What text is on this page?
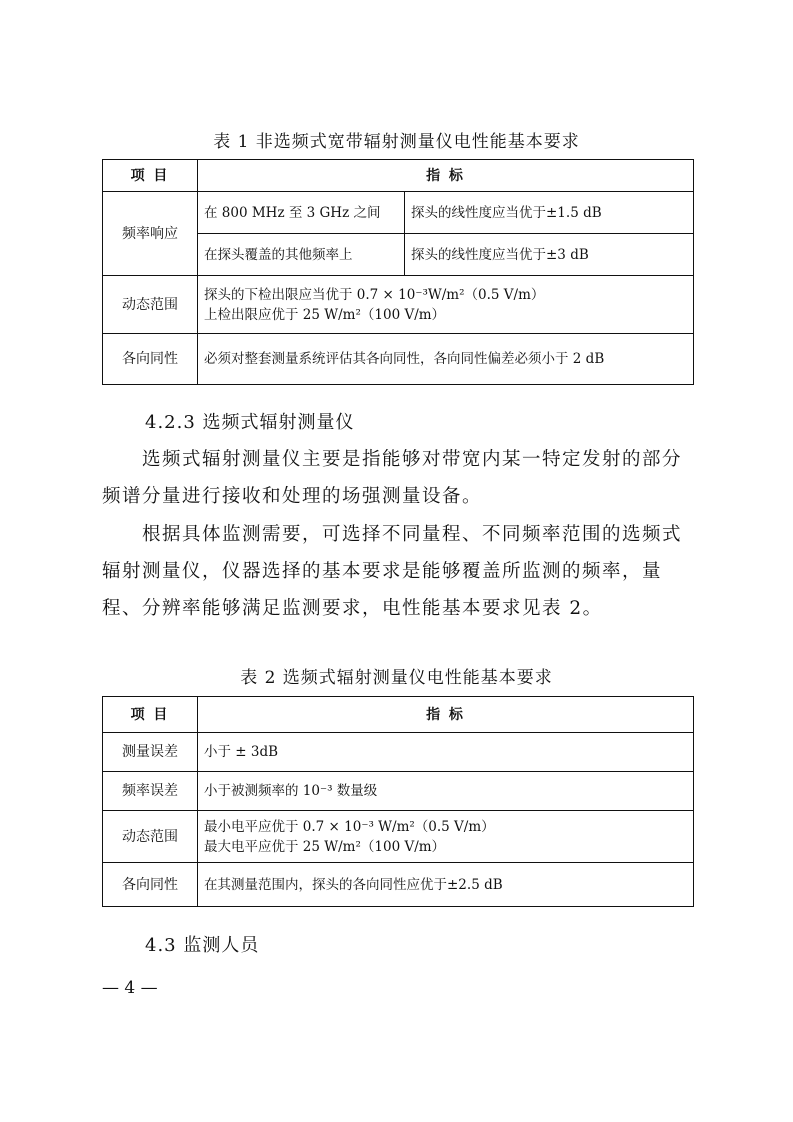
表 1 非选频式宽带辐射测量仪电性能基本要求
项 目	指 标	
频率响应	在 800 MHz 至 3 GHz 之间	探头的线性度应当优于±1.5 dB
	在探头覆盖的其他频率上	探头的线性度应当优于±3 dB
动态范围	探头的下检出限应当优于 0.7 × 10⁻³W/m²（0.5 V/m）
上检出限应优于 25 W/m²（100 V/m）	

各向同性	必须对整套测量系统评估其各向同性，各向同性偏差必须小于 2 dB	
4.2.3 选频式辐射测量仪

选频式辐射测量仪主要是指能够对带宽内某一特定发射的部分频谱分量进行接收和处理的场强测量设备。

根据具体监测需要，可选择不同量程、不同频率范围的选频式辐射测量仪，仪器选择的基本要求是能够覆盖所监测的频率，量程、分辨率能够满足监测要求，电性能基本要求见表 2。

表 2 选频式辐射测量仪电性能基本要求
项 目	指 标
测量误差	小于 ± 3dB
频率误差	小于被测频率的 10⁻³ 数量级
动态范围	最小电平应优于 0.7 × 10⁻³ W/m²（0.5 V/m）
最大电平应优于 25 W/m²（100 V/m）

各向同性	在其测量范围内，探头的各向同性应优于±2.5 dB
4.3 监测人员
— 4 —
